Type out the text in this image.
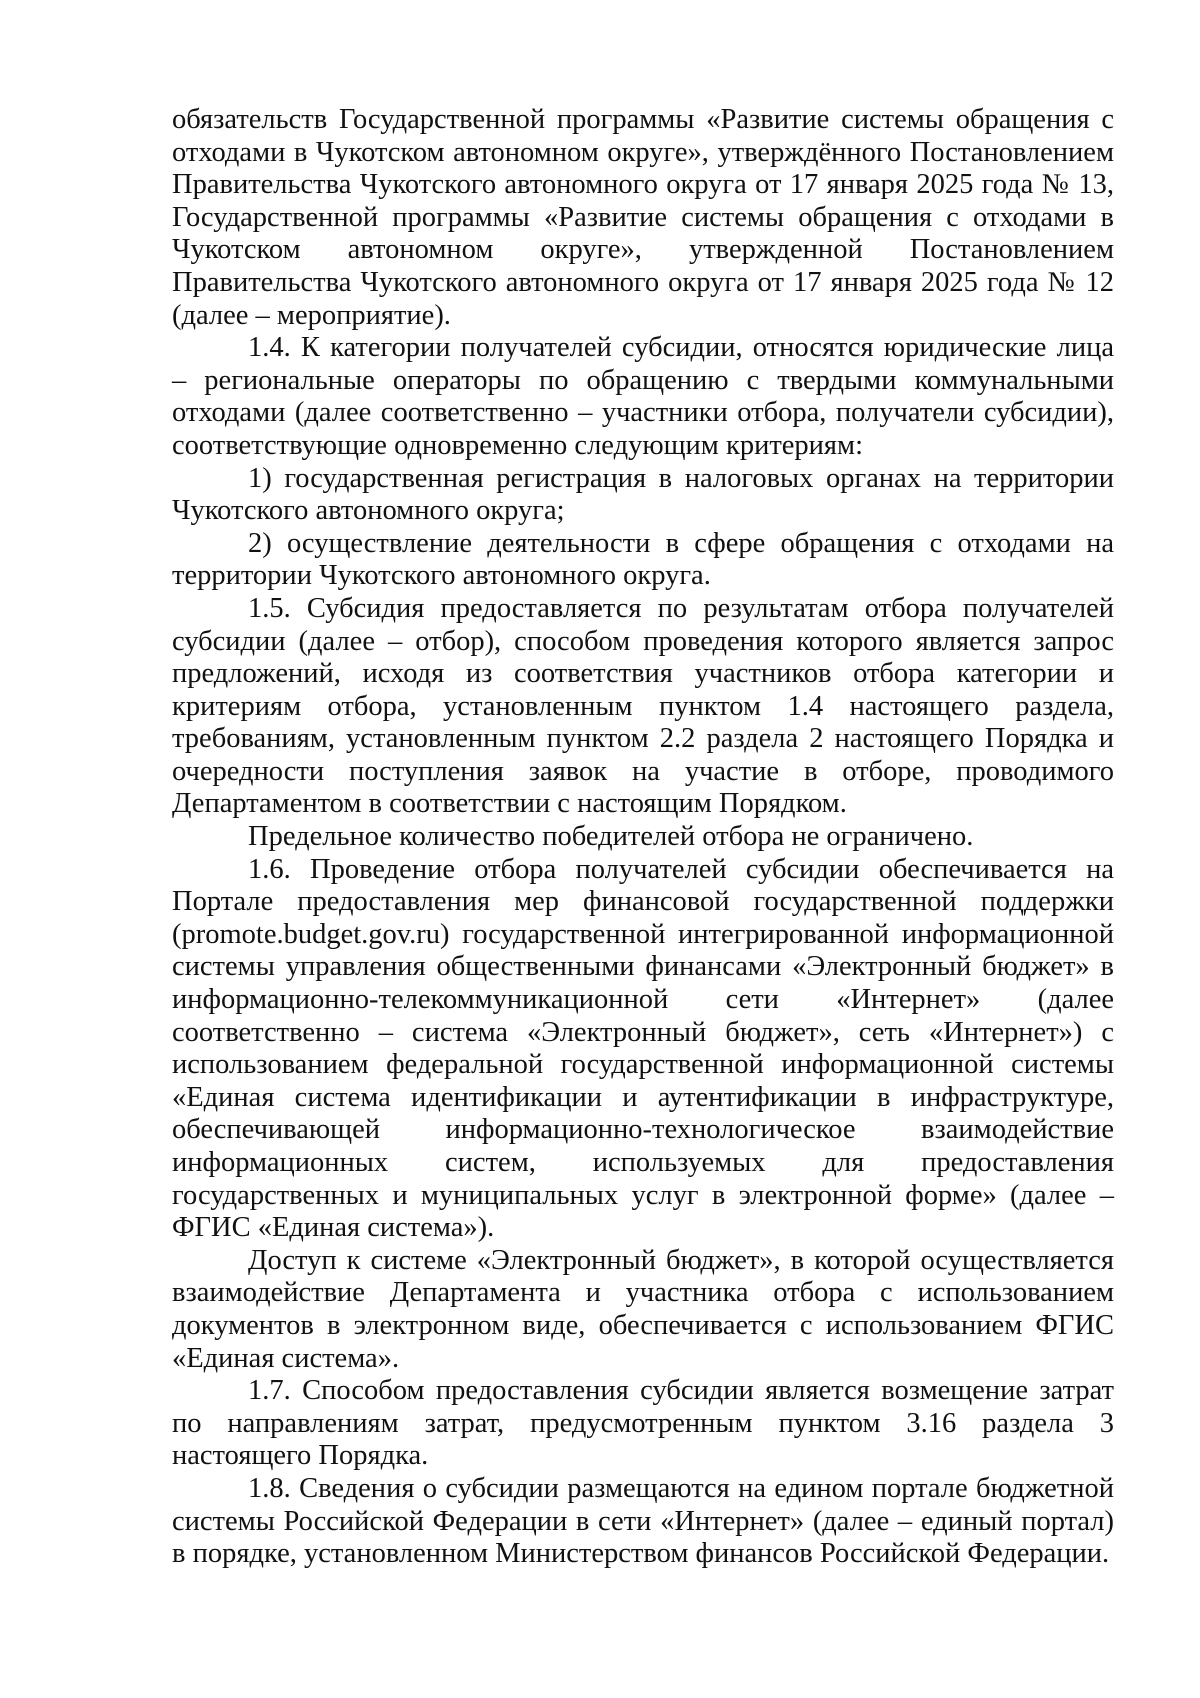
обязательств Государственной программы «Развитие системы обращения с отходами в Чукотском автономном округе», утверждённого Постановлением Правительства Чукотского автономного округа от 17 января 2025 года № 13, Государственной программы «Развитие системы обращения с отходами в Чукотском автономном округе», утвержденной Постановлением Правительства Чукотского автономного округа от 17 января 2025 года № 12 (далее – мероприятие).

1.4. К категории получателей субсидии, относятся юридические лица – региональные операторы по обращению с твердыми коммунальными отходами (далее соответственно – участники отбора, получатели субсидии), соответствующие одновременно следующим критериям:

1) государственная регистрация в налоговых органах на территории Чукотского автономного округа;

2) осуществление деятельности в сфере обращения с отходами на территории Чукотского автономного округа.

1.5. Субсидия предоставляется по результатам отбора получателей субсидии (далее – отбор), способом проведения которого является запрос предложений, исходя из соответствия участников отбора категории и критериям отбора, установленным пунктом 1.4 настоящего раздела, требованиям, установленным пунктом 2.2 раздела 2 настоящего Порядка и очередности поступления заявок на участие в отборе, проводимого Департаментом в соответствии с настоящим Порядком.

Предельное количество победителей отбора не ограничено.

1.6. Проведение отбора получателей субсидии обеспечивается на Портале предоставления мер финансовой государственной поддержки (promote.budget.gov.ru) государственной интегрированной информационной системы управления общественными финансами «Электронный бюджет» в информационно-телекоммуникационной сети «Интернет» (далее соответственно – система «Электронный бюджет», сеть «Интернет») с использованием федеральной государственной информационной системы «Единая система идентификации и аутентификации в инфраструктуре, обеспечивающей информационно-технологическое взаимодействие информационных систем, используемых для предоставления государственных и муниципальных услуг в электронной форме» (далее – ФГИС «Единая система»).

Доступ к системе «Электронный бюджет», в которой осуществляется взаимодействие Департамента и участника отбора с использованием документов в электронном виде, обеспечивается с использованием ФГИС «Единая система».

1.7. Способом предоставления субсидии является возмещение затрат по направлениям затрат, предусмотренным пунктом 3.16 раздела 3 настоящего Порядка.

1.8. Сведения о субсидии размещаются на едином портале бюджетной системы Российской Федерации в сети «Интернет» (далее – единый портал) в порядке, установленном Министерством финансов Российской Федерации.
